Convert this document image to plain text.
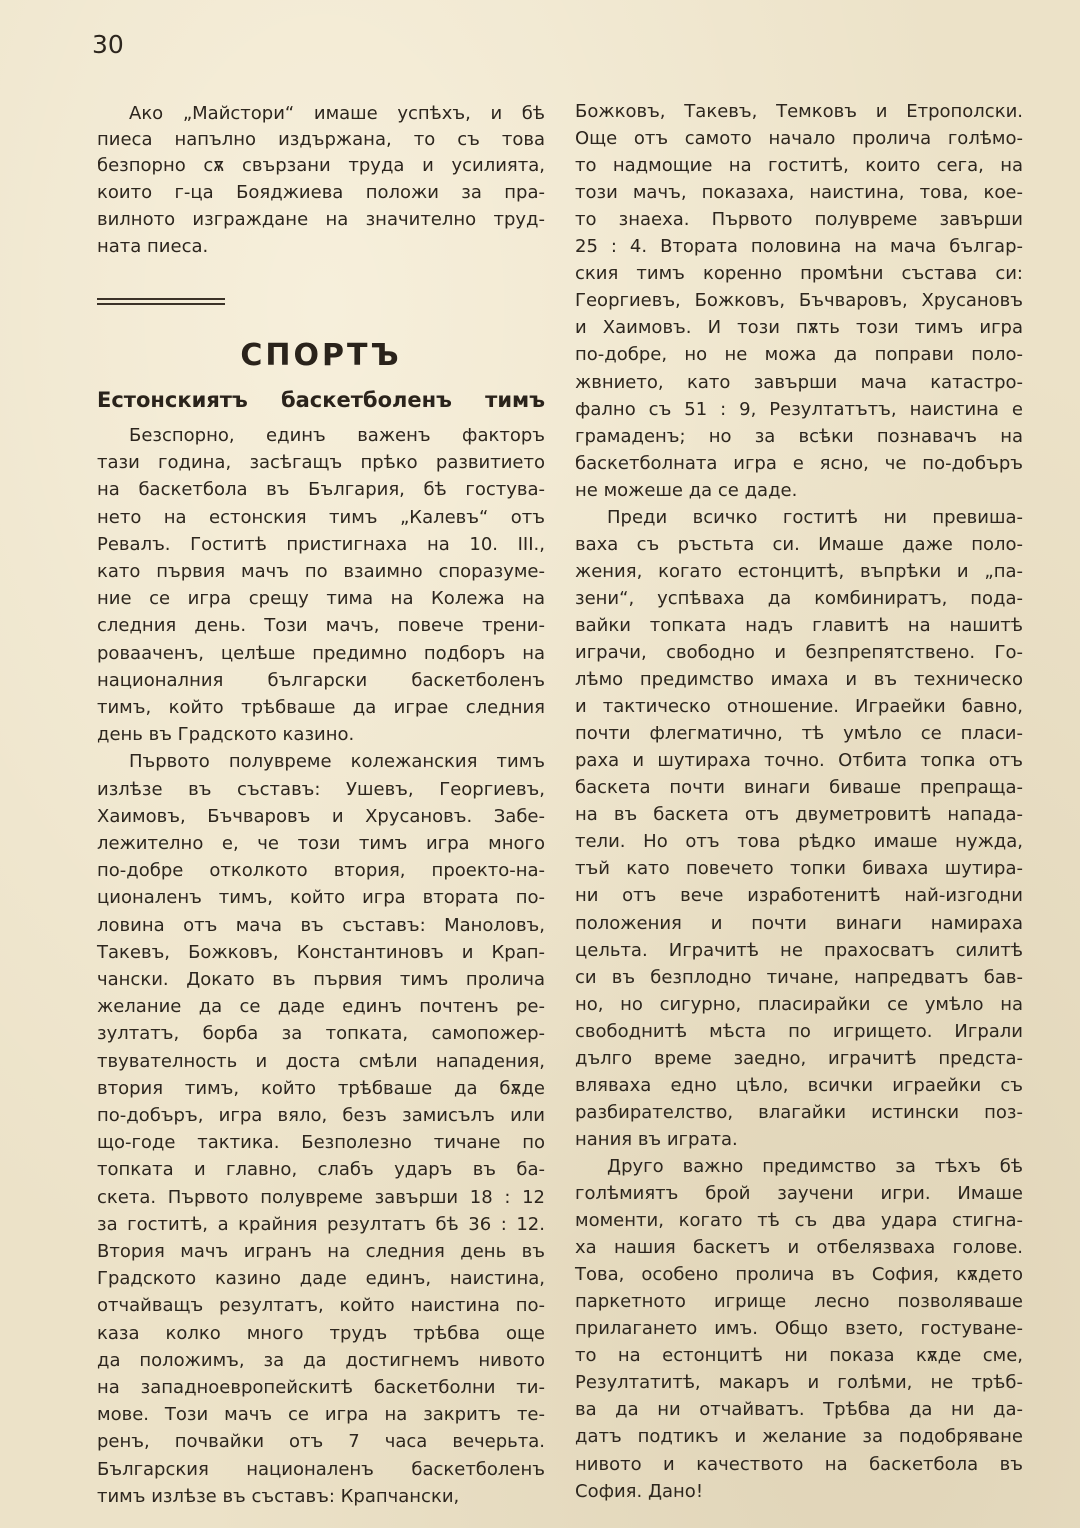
30
Ако „Майстори“ имаше успѣхъ, и бѣ
пиеса напълно издържана, то съ това
безпорно сѫ свързани труда и усилията,
които г-ца Бояджиева положи за пра-
вилното изграждане на значително труд-
ната пиеса.
СПОРТЪ
Естонскиятъ баскетболенъ тимъ
Безспорно, единъ важенъ факторъ
тази година, засѣгащъ прѣко развитието
на баскетбола въ България, бѣ гостува-
нето на естонския тимъ „Калевъ“ отъ
Ревалъ. Гоститѣ пристигнаха на 10. III.,
като първия мачъ по взаимно споразуме-
ние се игра срещу тима на Колежа на
следния день. Този мачъ, повече трени-
ровааченъ, целѣше предимно подборъ на
националния български баскетболенъ
тимъ, който трѣбваше да играе следния
день въ Градското казино.
Първото полувреме колежанския тимъ
излѣзе въ съставъ: Ушевъ, Георгиевъ,
Хаимовъ, Бъчваровъ и Хрусановъ. Забе-
лежително е, че този тимъ игра много
по-добре отколкото втория, проекто-на-
ционаленъ тимъ, който игра втората по-
ловина отъ мача въ съставъ: Маноловъ,
Такевъ, Божковъ, Константиновъ и Крап-
чански. Докато въ първия тимъ пролича
желание да се даде единъ почтенъ ре-
зултатъ, борба за топката, самопожер-
твувателность и доста смѣли нападения,
втория тимъ, който трѣбваше да бѫде
по-добъръ, игра вяло, безъ замисълъ или
що-годе тактика. Безполезно тичане по
топката и главно, слабъ ударъ въ ба-
скета. Първото полувреме завърши 18 : 12
за гоститѣ, а крайния резултатъ бѣ 36 : 12.
Втория мачъ игранъ на следния день въ
Градското казино даде единъ, наистина,
отчайващъ резултатъ, който наистина по-
каза колко много трудъ трѣбва още
да положимъ, за да достигнемъ нивото
на западноевропейскитѣ баскетболни ти-
мове. Този мачъ се игра на закритъ те-
ренъ, почвайки отъ 7 часа вечерьта.
Българския националенъ баскетболенъ
тимъ излѣзе въ съставъ: Крапчански,
Божковъ, Такевъ, Темковъ и Етрополски.
Още отъ самото начало пролича голѣмо-
то надмощие на гоститѣ, които сега, на
този мачъ, показаха, наистина, това, кое-
то знаеха. Първото полувреме завърши
25 : 4. Втората половина на мача българ-
ския тимъ коренно промѣни състава си:
Георгиевъ, Божковъ, Бъчваровъ, Хрусановъ
и Хаимовъ. И този пѫть този тимъ игра
по-добре, но не можа да поправи поло-
жвнието, като завърши мача катастро-
фално съ 51 : 9, Резултатътъ, наистина е
грамаденъ; но за всѣки познавачъ на
баскетболната игра е ясно, че по-добъръ
не можеше да се даде.
Преди всичко гоститѣ ни превиша-
ваха съ ръстьта си. Имаше даже поло-
жения, когато естонцитѣ, въпрѣки и „па-
зени“, успѣваха да комбиниратъ, пода-
вайки топката надъ главитѣ на нашитѣ
играчи, свободно и безпрепятствено. Го-
лѣмо предимство имаха и въ техническо
и тактическо отношение. Играейки бавно,
почти флегматично, тѣ умѣло се пласи-
раха и шутираха точно. Отбита топка отъ
баскета почти винаги биваше препраща-
на въ баскета отъ двуметровитѣ напада-
тели. Но отъ това рѣдко имаше нужда,
тъй като повечето топки биваха шутира-
ни отъ вече изработенитѣ най-изгодни
положения и почти винаги намираха
цельта. Играчитѣ не прахосватъ силитѣ
си въ безплодно тичане, напредватъ бав-
но, но сигурно, пласирайки се умѣло на
свободнитѣ мѣста по игрището. Играли
дълго време заедно, играчитѣ предста-
вляваха едно цѣло, всички играейки съ
разбирателство, влагайки истински поз-
нания въ играта.
Друго важно предимство за тѣхъ бѣ
голѣмиятъ брой заучени игри. Имаше
моменти, когато тѣ съ два удара стигна-
ха нашия баскетъ и отбелязваха голове.
Това, особено пролича въ София, кѫдето
паркетното игрище лесно позволяваше
прилагането имъ. Общо взето, гостуване-
то на естонцитѣ ни показа кѫде сме,
Резултатитѣ, макаръ и голѣми, не трѣб-
ва да ни отчайватъ. Трѣбва да ни да-
датъ подтикъ и желание за подобряване
нивото и качеството на баскетбола въ
София. Дано!
